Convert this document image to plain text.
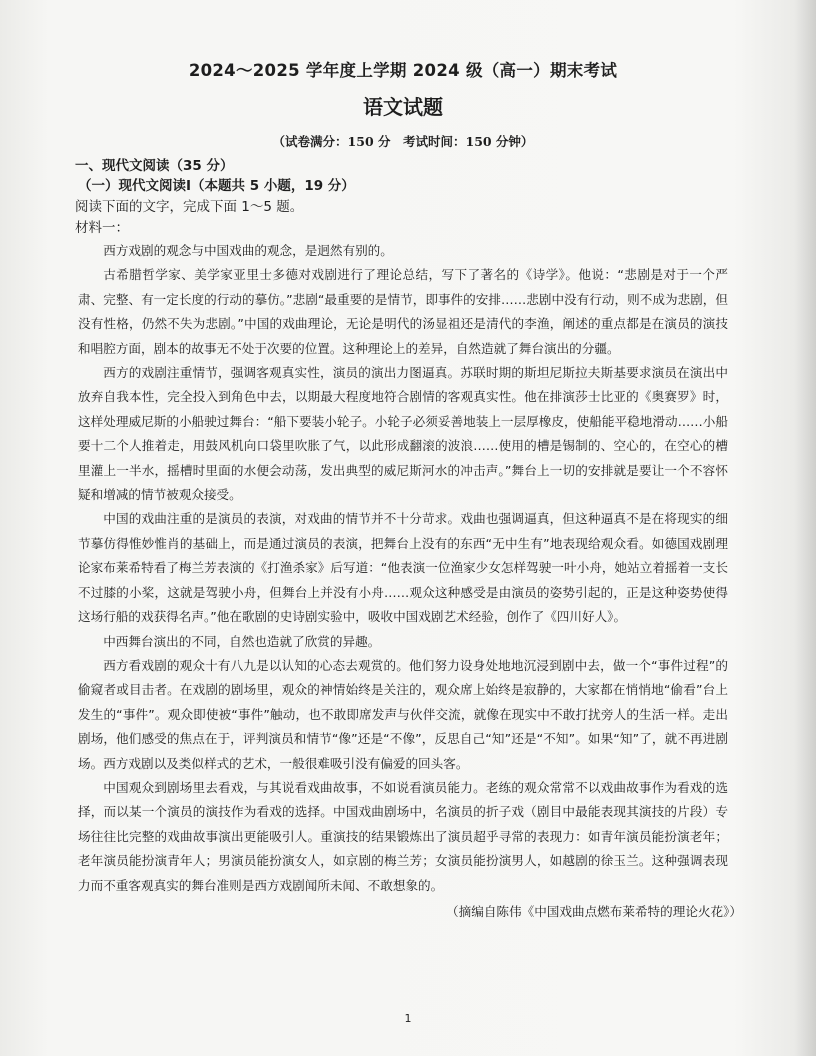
2024～2025 学年度上学期 2024 级（高一）期末考试
语文试题
（试卷满分：150 分　考试时间：150 分钟）
一、现代文阅读（35 分）
（一）现代文阅读Ⅰ（本题共 5 小题，19 分）
阅读下面的文字，完成下面 1～5 题。
材料一：

西方戏剧的观念与中国戏曲的观念，是迥然有别的。

古希腊哲学家、美学家亚里士多德对戏剧进行了理论总结，写下了著名的《诗学》。他说：“悲剧是对于一个严肃、完整、有一定长度的行动的摹仿。”悲剧“最重要的是情节，即事件的安排……悲剧中没有行动，则不成为悲剧，但没有性格，仍然不失为悲剧。”中国的戏曲理论，无论是明代的汤显祖还是清代的李渔，阐述的重点都是在演员的演技和唱腔方面，剧本的故事无不处于次要的位置。这种理论上的差异，自然造就了舞台演出的分疆。

西方的戏剧注重情节，强调客观真实性，演员的演出力图逼真。苏联时期的斯坦尼斯拉夫斯基要求演员在演出中放弃自我本性，完全投入到角色中去，以期最大程度地符合剧情的客观真实性。他在排演莎士比亚的《奥赛罗》时，这样处理威尼斯的小船驶过舞台：“船下要装小轮子。小轮子必须妥善地装上一层厚橡皮，使船能平稳地滑动……小船要十二个人推着走，用鼓风机向口袋里吹胀了气，以此形成翻滚的波浪……使用的槽是锡制的、空心的，在空心的槽里灌上一半水，摇槽时里面的水便会动荡，发出典型的威尼斯河水的冲击声。”舞台上一切的安排就是要让一个不容怀疑和增减的情节被观众接受。

中国的戏曲注重的是演员的表演，对戏曲的情节并不十分苛求。戏曲也强调逼真，但这种逼真不是在将现实的细节摹仿得惟妙惟肖的基础上，而是通过演员的表演，把舞台上没有的东西“无中生有”地表现给观众看。如德国戏剧理论家布莱希特看了梅兰芳表演的《打渔杀家》后写道：“他表演一位渔家少女怎样驾驶一叶小舟，她站立着摇着一支长不过膝的小桨，这就是驾驶小舟，但舞台上并没有小舟……观众这种感受是由演员的姿势引起的，正是这种姿势使得这场行船的戏获得名声。”他在歌剧的史诗剧实验中，吸收中国戏剧艺术经验，创作了《四川好人》。

中西舞台演出的不同，自然也造就了欣赏的异趣。

西方看戏剧的观众十有八九是以认知的心态去观赏的。他们努力设身处地地沉浸到剧中去，做一个“事件过程”的偷窥者或目击者。在戏剧的剧场里，观众的神情始终是关注的，观众席上始终是寂静的，大家都在悄悄地“偷看”台上发生的“事件”。观众即使被“事件”触动，也不敢即席发声与伙伴交流，就像在现实中不敢打扰旁人的生活一样。走出剧场，他们感受的焦点在于，评判演员和情节“像”还是“不像”，反思自己“知”还是“不知”。如果“知”了，就不再进剧场。西方戏剧以及类似样式的艺术，一般很难吸引没有偏爱的回头客。

中国观众到剧场里去看戏，与其说看戏曲故事，不如说看演员能力。老练的观众常常不以戏曲故事作为看戏的选择，而以某一个演员的演技作为看戏的选择。中国戏曲剧场中，名演员的折子戏（剧目中最能表现其演技的片段）专场往往比完整的戏曲故事演出更能吸引人。重演技的结果锻炼出了演员超乎寻常的表现力：如青年演员能扮演老年；老年演员能扮演青年人；男演员能扮演女人，如京剧的梅兰芳；女演员能扮演男人，如越剧的徐玉兰。这种强调表现力而不重客观真实的舞台准则是西方戏剧闻所未闻、不敢想象的。

（摘编自陈伟《中国戏曲点燃布莱希特的理论火花》）
1
